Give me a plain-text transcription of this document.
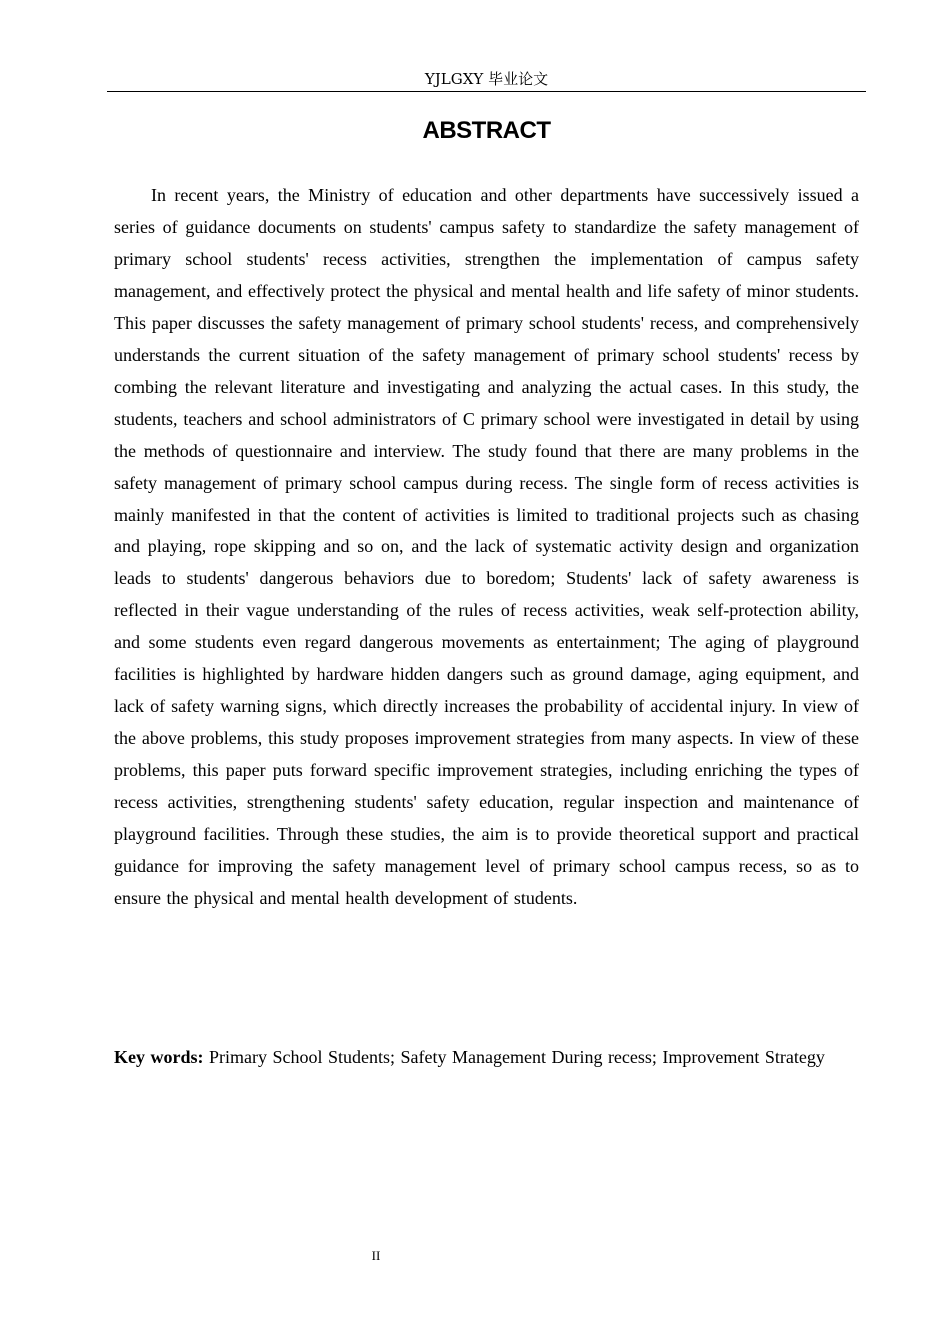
YJLGXY 毕业论文
ABSTRACT

In recent years, the Ministry of education and other departments have successively issued a series of guidance documents on students' campus safety to standardize the safety management of primary school students' recess activities, strengthen the implementation of campus safety management, and effectively protect the physical and mental health and life safety of minor students. This paper discusses the safety management of primary school students' recess, and comprehensively understands the current situation of the safety management of primary school students' recess by combing the relevant literature and investigating and analyzing the actual cases. In this study, the students, teachers and school administrators of C primary school were investigated in detail by using the methods of questionnaire and interview. The study found that there are many problems in the safety management of primary school campus during recess. The single form of recess activities is mainly manifested in that the content of activities is limited to traditional projects such as chasing and playing, rope skipping and so on, and the lack of systematic activity design and organization leads to students' dangerous behaviors due to boredom; Students' lack of safety awareness is reflected in their vague understanding of the rules of recess activities, weak self-protection ability, and some students even regard dangerous movements as entertainment; The aging of playground facilities is highlighted by hardware hidden dangers such as ground damage, aging equipment, and lack of safety warning signs, which directly increases the probability of accidental injury. In view of the above problems, this study proposes improvement strategies from many aspects. In view of these problems, this paper puts forward specific improvement strategies, including enriching the types of recess activities, strengthening students' safety education, regular inspection and maintenance of playground facilities. Through these studies, the aim is to provide theoretical support and practical guidance for improving the safety management level of primary school campus recess, so as to ensure the physical and mental health development of students.

Key words: Primary School Students; Safety Management During recess; Improvement Strategy

II
